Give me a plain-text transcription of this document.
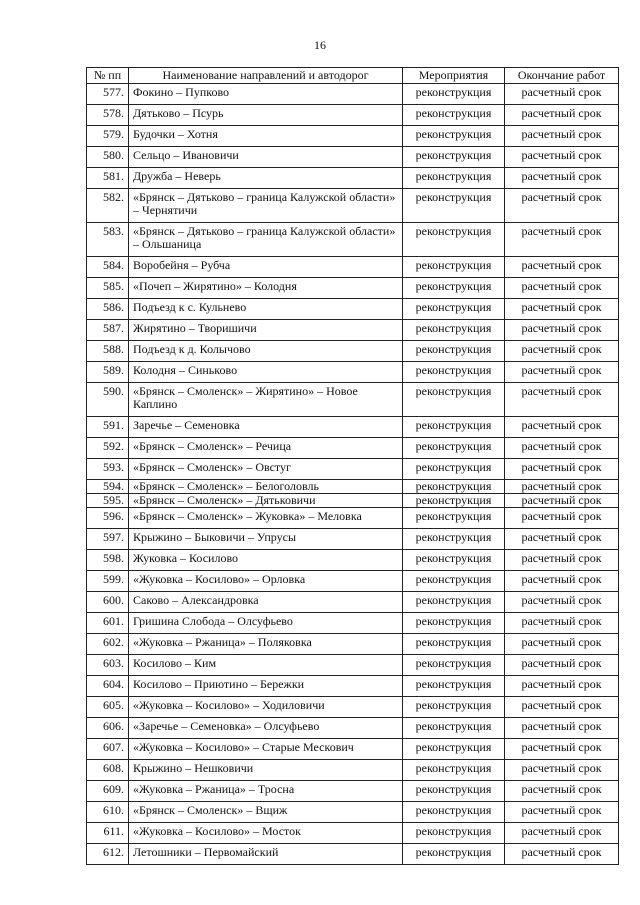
16
№ пп	Наименование направлений и автодорог	Мероприятия	Окончание работ
577.	Фокино – Пупково	реконструкция	расчетный срок
578.	Дятьково – Псурь	реконструкция	расчетный срок
579.	Будочки – Хотня	реконструкция	расчетный срок
580.	Сельцо – Ивановичи	реконструкция	расчетный срок
581.	Дружба – Неверь	реконструкция	расчетный срок
582.	«Брянск – Дятьково – граница Калужской области» – Чернятичи	реконструкция	расчетный срок
583.	«Брянск – Дятьково – граница Калужской области» – Ольшаница	реконструкция	расчетный срок
584.	Воробейня – Рубча	реконструкция	расчетный срок
585.	«Почеп – Жирятино» – Колодня	реконструкция	расчетный срок
586.	Подъезд к с. Кульнево	реконструкция	расчетный срок
587.	Жирятино – Творишичи	реконструкция	расчетный срок
588.	Подъезд к д. Колычово	реконструкция	расчетный срок
589.	Колодня – Синьково	реконструкция	расчетный срок
590.	«Брянск – Смоленск» – Жирятино» – Новое Каплино	реконструкция	расчетный срок
591.	Заречье – Семеновка	реконструкция	расчетный срок
592.	«Брянск – Смоленск» – Речица	реконструкция	расчетный срок
593.	«Брянск – Смоленск» – Овстуг	реконструкция	расчетный срок
594.	«Брянск – Смоленск» – Белоголовль	реконструкция	расчетный срок
595.	«Брянск – Смоленск» – Дятьковичи	реконструкция	расчетный срок
596.	«Брянск – Смоленск» – Жуковка» – Меловка	реконструкция	расчетный срок
597.	Крыжино – Быковичи – Упрусы	реконструкция	расчетный срок
598.	Жуковка – Косилово	реконструкция	расчетный срок
599.	«Жуковка – Косилово» – Орловка	реконструкция	расчетный срок
600.	Саково – Александровка	реконструкция	расчетный срок
601.	Гришина Слобода – Олсуфьево	реконструкция	расчетный срок
602.	«Жуковка – Ржаница» – Поляковка	реконструкция	расчетный срок
603.	Косилово – Ким	реконструкция	расчетный срок
604.	Косилово – Приютино – Бережки	реконструкция	расчетный срок
605.	«Жуковка – Косилово» – Ходиловичи	реконструкция	расчетный срок
606.	«Заречье – Семеновка» – Олсуфьево	реконструкция	расчетный срок
607.	«Жуковка – Косилово» – Старые Мескович	реконструкция	расчетный срок
608.	Крыжино – Нешковичи	реконструкция	расчетный срок
609.	«Жуковка – Ржаница» – Тросна	реконструкция	расчетный срок
610.	«Брянск – Смоленск» – Вщиж	реконструкция	расчетный срок
611.	«Жуковка – Косилово» – Мосток	реконструкция	расчетный срок
612.	Летошники – Первомайский	реконструкция	расчетный срок
